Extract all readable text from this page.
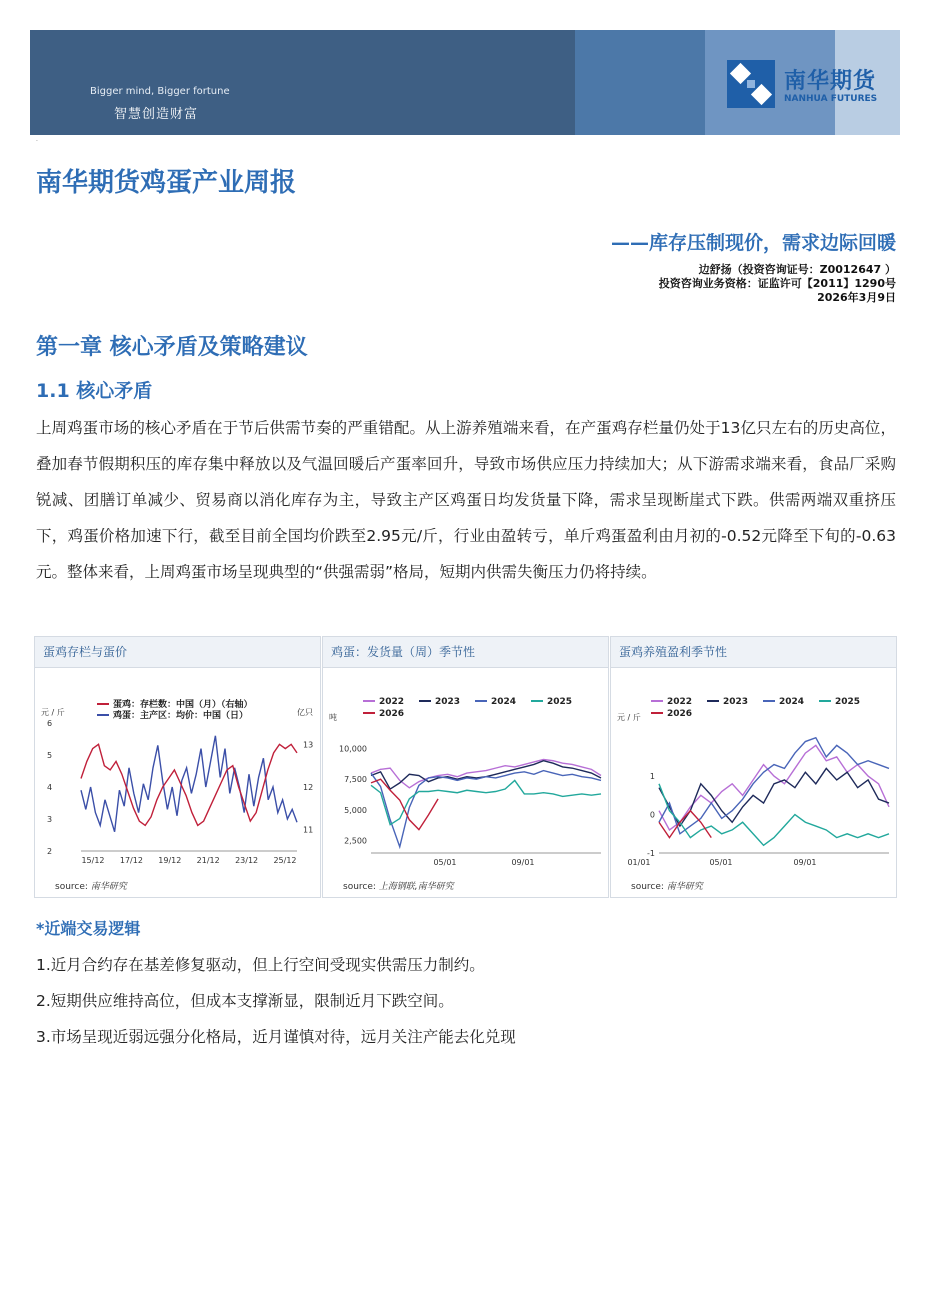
Bigger mind, Bigger fortune
智慧创造财富
南华期货
NANHUA FUTURES
·
南华期货鸡蛋产业周报
——库存压制现价，需求边际回暖
边舒扬（投资咨询证号：Z0012647 ）
投资咨询业务资格：证监许可【2011】1290号
2026年3月9日
第一章 核心矛盾及策略建议
1.1 核心矛盾
上周鸡蛋市场的核心矛盾在于节后供需节奏的严重错配。从上游养殖端来看，在产蛋鸡存栏量仍处于13亿只左右的历史高位，叠加春节假期积压的库存集中释放以及气温回暖后产蛋率回升，导致市场供应压力持续加大；从下游需求端来看，食品厂采购锐减、团膳订单减少、贸易商以消化库存为主，导致主产区鸡蛋日均发货量下降，需求呈现断崖式下跌。供需两端双重挤压下，鸡蛋价格加速下行，截至目前全国均价跌至2.95元/斤，行业由盈转亏，单斤鸡蛋盈利由月初的-0.52元降至下旬的-0.63元。整体来看，上周鸡蛋市场呈现典型的“供强需弱”格局，短期内供需失衡压力仍将持续。
蛋鸡存栏与蛋价
蛋鸡：存栏数：中国（月）（右轴）
鸡蛋：主产区：均价：中国（日）
元 / 斤	亿只
2
3
4
5
6
11
12
13
15/12 17/12 19/12 21/12 23/12 25/12
source: 南华研究
鸡蛋：发货量（周）季节性
吨
2,500
5,000
7,500
10,000
05/01	09/01
2022	2023	2024	2025
2026
source: 上海钢联,南华研究
蛋鸡养殖盈利季节性
元 / 斤
-1
0
1
01/01	05/01	09/01
2022	2023	2024	2025
2026
source: 南华研究
*近端交易逻辑
1.近月合约存在基差修复驱动，但上行空间受现实供需压力制约。
2.短期供应维持高位，但成本支撑渐显，限制近月下跌空间。
3.市场呈现近弱远强分化格局，近月谨慎对待，远月关注产能去化兑现
